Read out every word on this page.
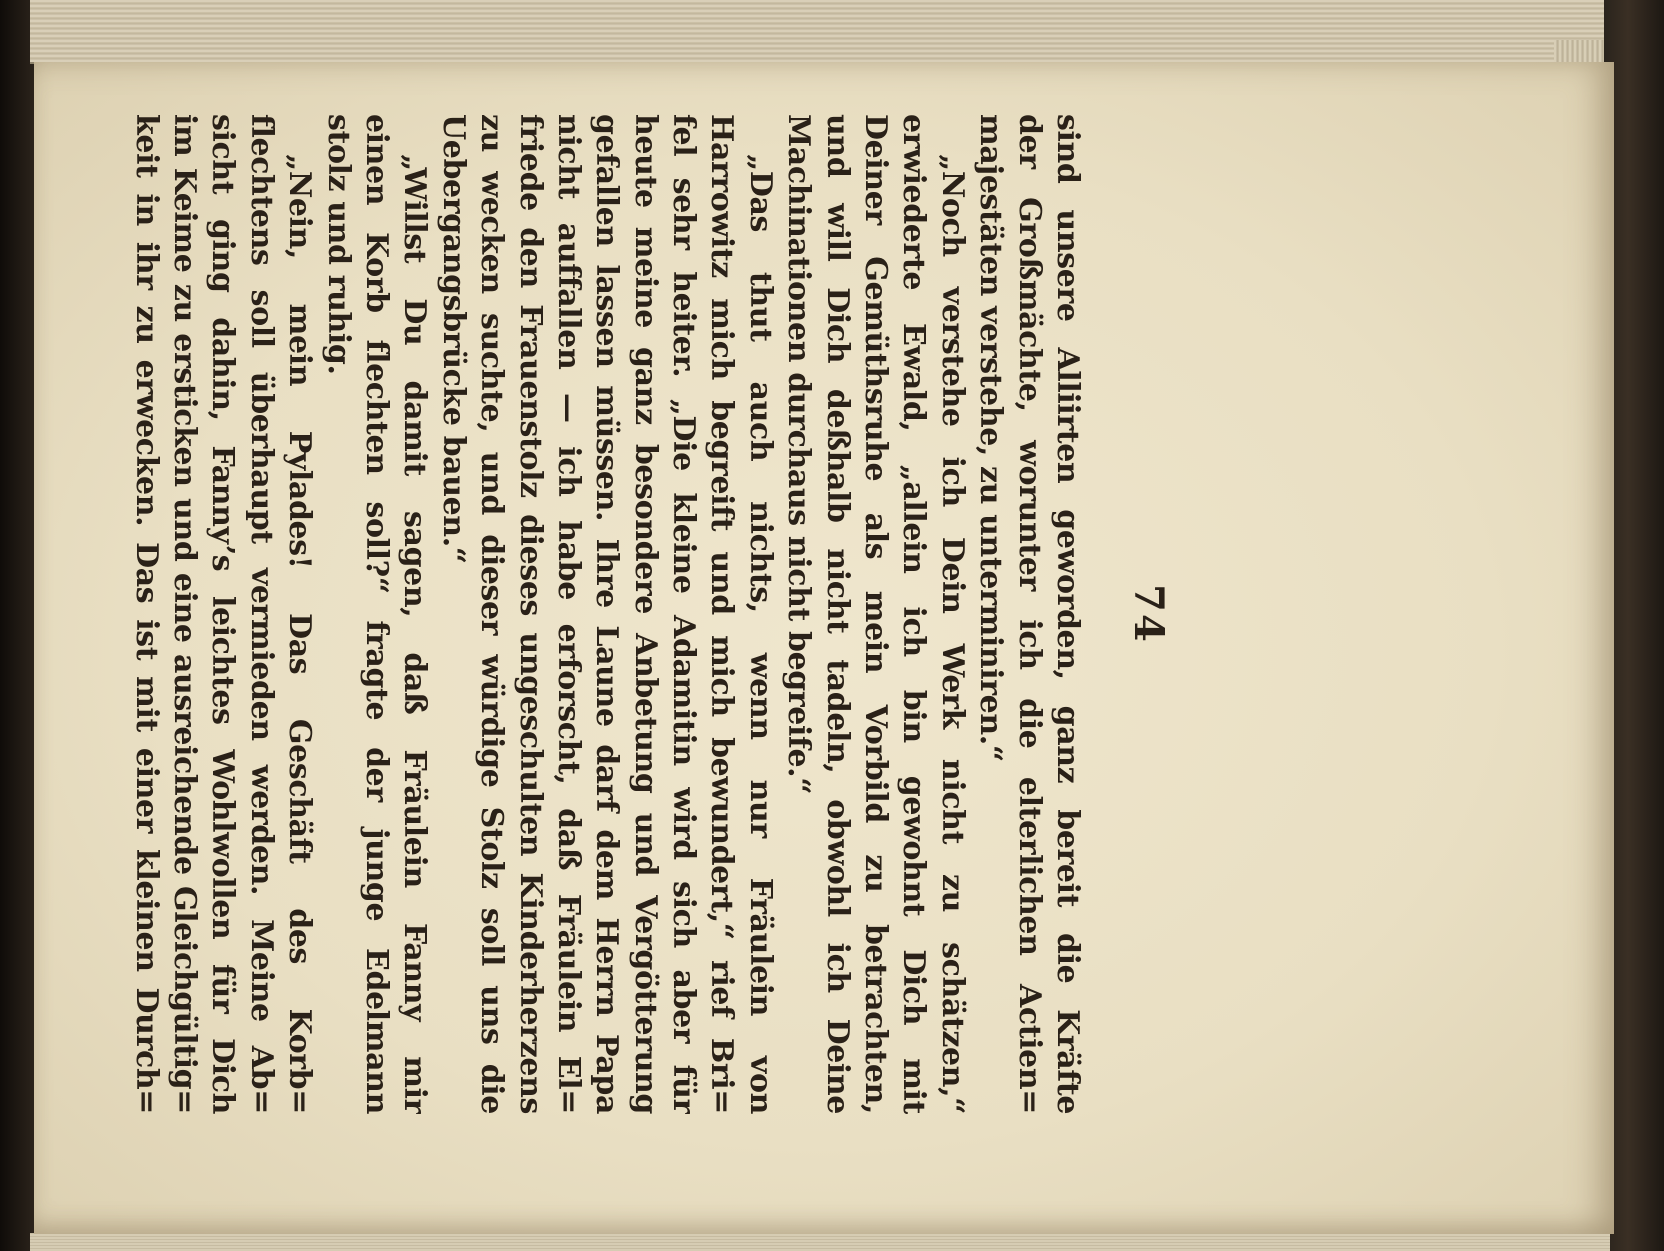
74
sind unsere Alliirten geworden, ganz bereit die Kräfte
der Großmächte, worunter ich die elterlichen Actien=
majestäten verstehe, zu unterminiren.“
„Noch verstehe ich Dein Werk nicht zu schätzen,“
erwiederte Ewald, „allein ich bin gewohnt Dich mit
Deiner Gemüthsruhe als mein Vorbild zu betrachten,
und will Dich deßhalb nicht tadeln, obwohl ich Deine
Machinationen durchaus nicht begreife.“
„Das thut auch nichts, wenn nur Fräulein von
Harrowitz mich begreift und mich bewundert,“ rief Bri=
fel sehr heiter. „Die kleine Adamitin wird sich aber für
heute meine ganz besondere Anbetung und Vergötterung
gefallen lassen müssen. Ihre Laune darf dem Herrn Papa
nicht auffallen — ich habe erforscht, daß Fräulein El=
friede den Frauenstolz dieses ungeschulten Kinderherzens
zu wecken suchte, und dieser würdige Stolz soll uns die
Uebergangsbrücke bauen.“
„Willst Du damit sagen, daß Fräulein Fanny mir
einen Korb flechten soll?“ fragte der junge Edelmann
stolz und ruhig.
„Nein, mein Pylades! Das Geschäft des Korb=
flechtens soll überhaupt vermieden werden. Meine Ab=
sicht ging dahin, Fanny’s leichtes Wohlwollen für Dich
im Keime zu ersticken und eine ausreichende Gleichgültig=
keit in ihr zu erwecken. Das ist mit einer kleinen Durch=
